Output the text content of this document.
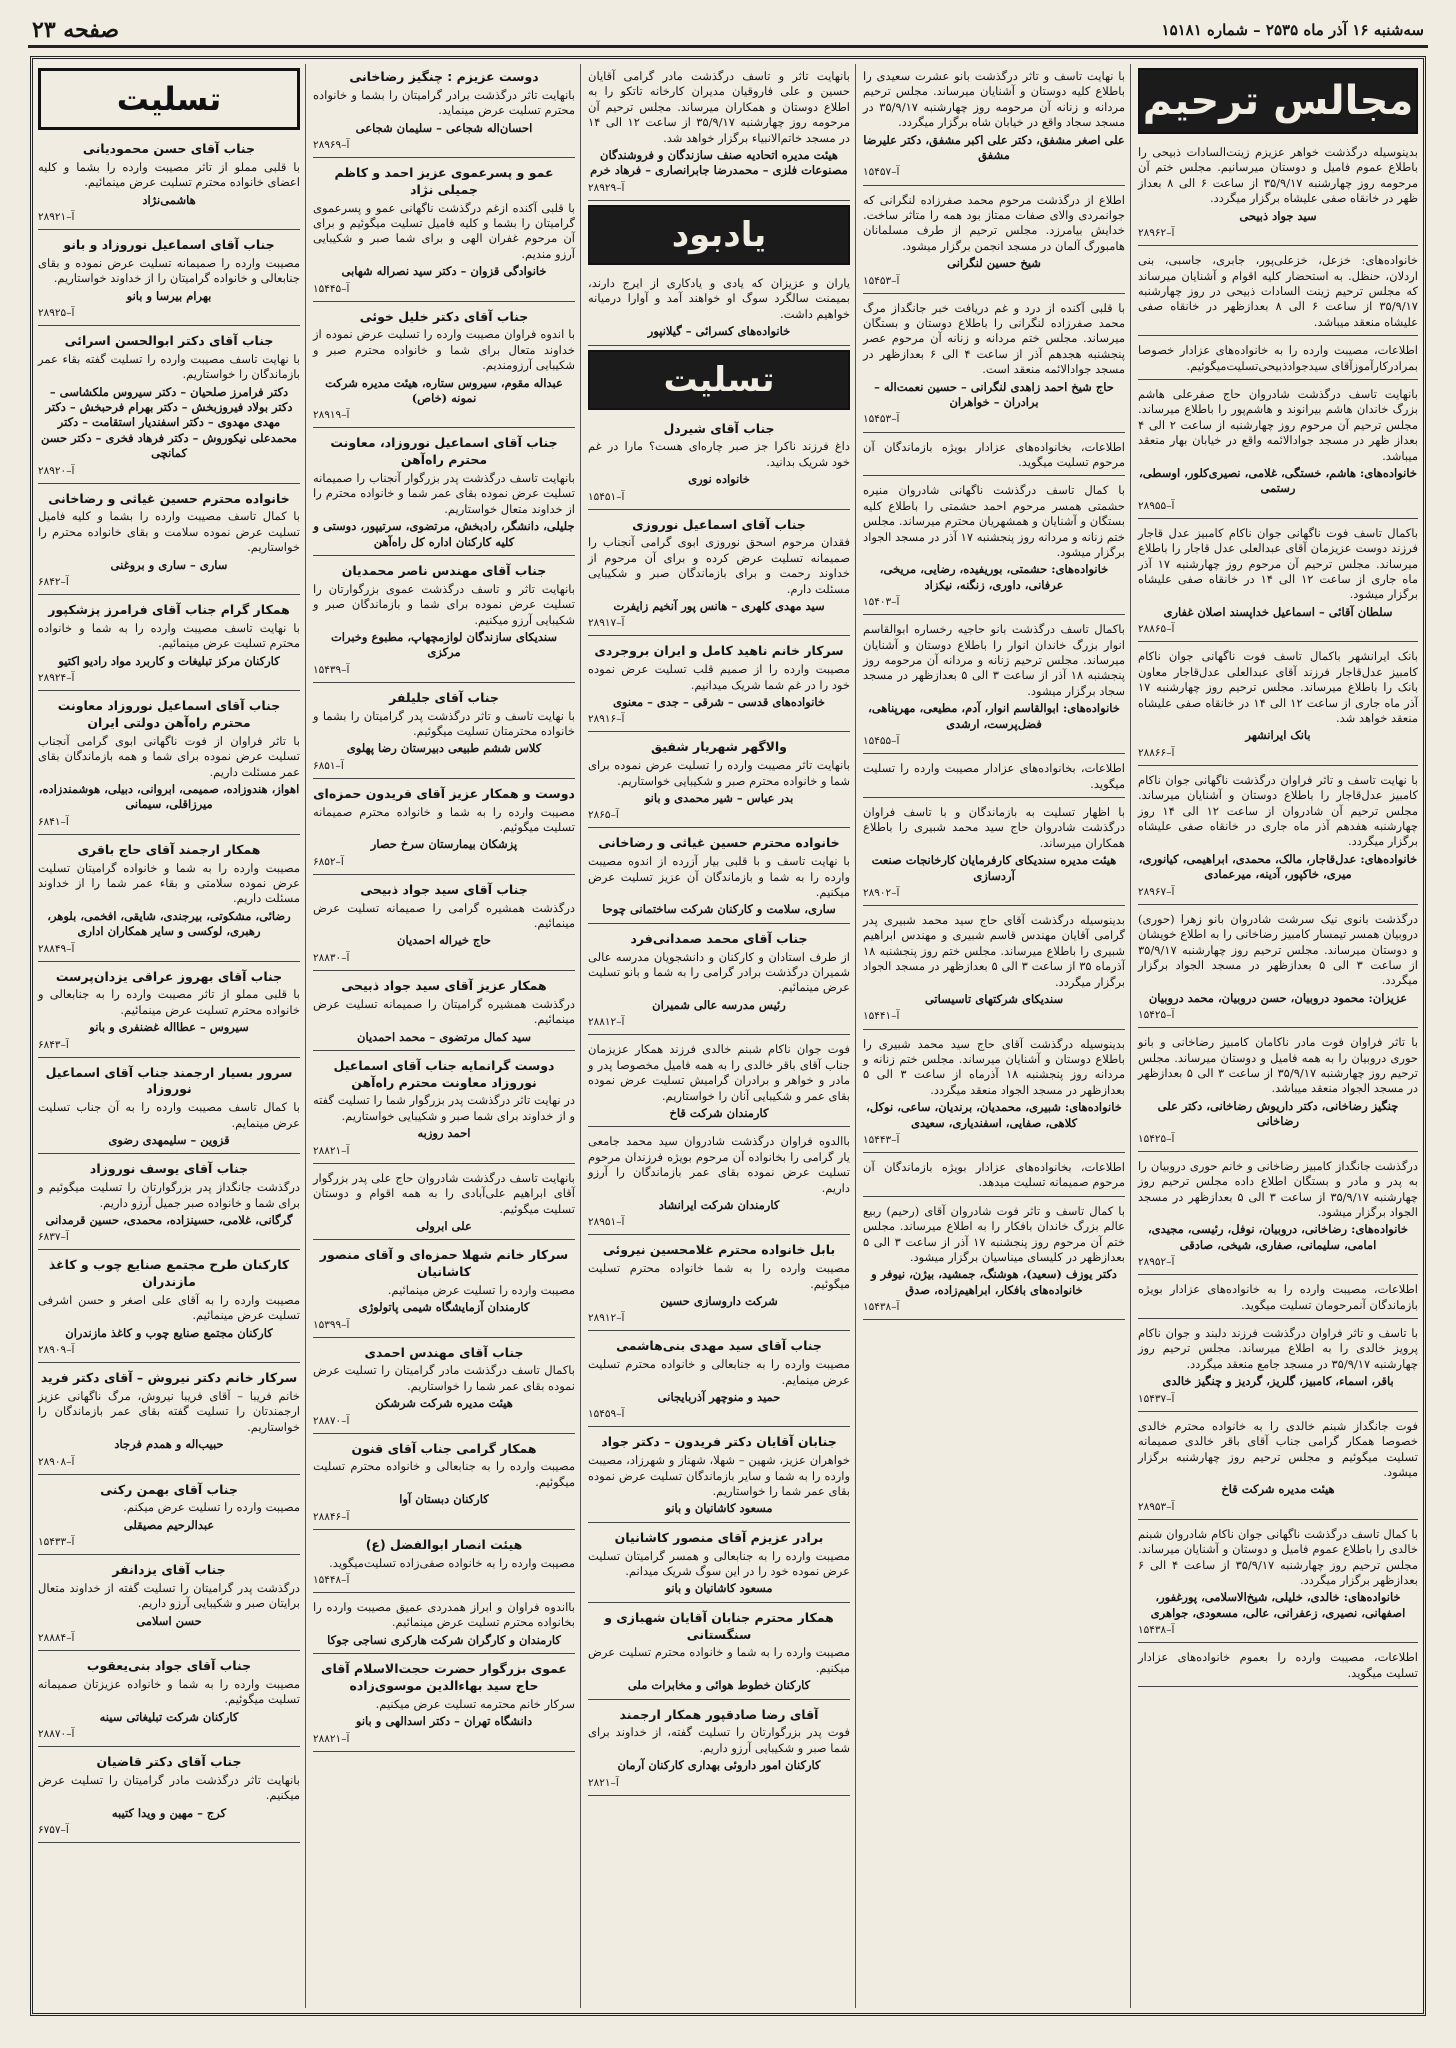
سه‌شنبه ۱۶ آذر ماه ۲۵۳۵ – شماره ۱۵۱۸۱
صفحه ۲۳
مجالس ترحیم
بدینوسیله درگذشت خواهر عزیزم زینت‌السادات ذبیحی را باطلاع عموم فامیل و دوستان میرسانیم. مجلس ختم آن مرحومه روز چهارشنبه ۳۵/۹/۱۷ از ساعت ۶ الی ۸ بعداز ظهر در خانقاه صفی علیشاه برگزار میگردد.
سید جواد ذبیحی
۲۸۹۶۲–آ
خانواده‌های: خزعل، خزعلی‌پور، جابری، جاسبی، بنی اردلان، حنظل. به استحضار کلیه اقوام و آشنایان میرساند که مجلس ترحیم زینت السادات ذبیحی در روز چهارشنبه ۳۵/۹/۱۷ از ساعت ۶ الی ۸ بعدازظهر در خانقاه صفی علیشاه منعقد میباشد.
اطلاعات، مصیبت وارده را به خانواده‌های عزادار خصوصا بمرادرکارآموزآقای سیدجوادذبیحی‌تسلیت‌میگوئیم.
بانهایت تاسف درگذشت شادروان حاج صفرعلی هاشم بزرگ خاندان هاشم بیرانوند و هاشم‌پور را باطلاع میرساند. مجلس ترحیم آن مرحوم روز چهارشنبه از ساعت ۲ الی ۴ بعداز ظهر در مسجد جوادالائمه واقع در خیابان بهار منعقد میباشد.
خانواده‌های: هاشم، خستگی، غلامی، نصیری‌کلور، اوسطی، رستمی
۲۸۹۵۵–آ
باکمال تاسف فوت ناگهانی جوان ناکام کامبیز عدل قاجار فرزند دوست عزیزمان آقای عبدالعلی عدل قاجار را باطلاع میرساند. مجلس ترحیم آن مرحوم روز چهارشنبه ۱۷ آذر ماه جاری از ساعت ۱۲ الی ۱۴ در خانقاه صفی علیشاه برگزار میشود.
سلطان آقائی – اسماعیل خداپسند اصلان غفاری
۲۸۸۶۵–آ
بانک ایرانشهر باکمال تاسف فوت ناگهانی جوان ناکام کامبیز عدل‌قاجار فرزند آقای عبدالعلی عدل‌قاجار معاون بانک را باطلاع میرساند. مجلس ترحیم روز چهارشنبه ۱۷ آذر ماه جاری از ساعت ۱۲ الی ۱۴ در خانقاه صفی علیشاه منعقد خواهد شد.
بانک ایرانشهر
۲۸۸۶۶–آ
با نهایت تاسف و تاثر فراوان درگذشت ناگهانی جوان ناکام کامبیز عدل‌قاجار را باطلاع دوستان و آشنایان میرساند. مجلس ترحیم آن شادروان از ساعت ۱۲ الی ۱۴ روز چهارشنبه هفدهم آذر ماه جاری در خانقاه صفی علیشاه برگزار میگردد.
خانواده‌های: عدل‌قاجار، مالک، محمدی، ابراهیمی، کیانوری، میری، خاکپور، آدینه، میرعمادی
۲۸۹۶۷–آ
درگذشت بانوی نیک سرشت شادروان بانو زهرا (حوری) دروبیان همسر تیمسار کامبیز رضاخانی را به اطلاع خویشان و دوستان میرساند. مجلس ترحیم روز چهارشنبه ۳۵/۹/۱۷ از ساعت ۳ الی ۵ بعدازظهر در مسجد الجواد برگزار میگردد.
عزیزان: محمود دروبیان، حسن دروبیان، محمد دروبیان
۱۵۴۲۵–آ
با تاثر فراوان فوت مادر ناکامان کامبیز رضاخانی و بانو حوری دروبیان را به همه فامیل و دوستان میرساند. مجلس ترحیم روز چهارشنبه ۳۵/۹/۱۷ از ساعت ۳ الی ۵ بعدازظهر در مسجد الجواد منعقد میباشد.
چنگیز رضاخانی، دکتر داریوش رضاخانی، دکتر علی رضاخانی
۱۵۴۲۵–آ
درگذشت جانگداز کامبیز رضاخانی و خانم حوری دروبیان را به پدر و مادر و بستگان اطلاع داده مجلس ترحیم روز چهارشنبه ۳۵/۹/۱۷ از ساعت ۳ الی ۵ بعدازظهر در مسجد الجواد برگزار میشود.
خانواده‌های: رضاخانی، دروبیان، نوفل، رئیسی، مجیدی، امامی، سلیمانی، صفاری، شیخی، صادقی
۲۸۹۵۲–آ
اطلاعات، مصیبت وارده را به خانواده‌های عزادار بویژه بازماندگان آنمرحومان تسلیت میگوید.
با تاسف و تاثر فراوان درگذشت فرزند دلبند و جوان ناکام پرویز خالدی را به اطلاع میرساند. مجلس ترحیم روز چهارشنبه ۳۵/۹/۱۷ در مسجد جامع منعقد میگردد.
باقر، اسماء، کامبیز، گلریز، گردیز و چنگیز خالدی
۱۵۴۳۷–آ
فوت جانگداز شبنم خالدی را به خانواده محترم خالدی خصوصا همکار گرامی جناب آقای باقر خالدی صمیمانه تسلیت میگوئیم و مجلس ترحیم روز چهارشنبه برگزار میشود.
هیئت مدیره شرکت قاخ
۲۸۹۵۳–آ
با کمال تاسف درگذشت ناگهانی جوان ناکام شادروان شبنم خالدی را باطلاع عموم فامیل و دوستان و آشنایان میرساند. مجلس ترحیم روز چهارشنبه ۳۵/۹/۱۷ از ساعت ۴ الی ۶ بعدازظهر برگزار میگردد.
خانواده‌های: خالدی، خلیلی، شیخ‌الاسلامی، پورغفور، اصفهانی، نصیری، زعفرانی، عالی، مسعودی، جواهری
۱۵۴۳۸–آ
اطلاعات، مصیبت وارده را بعموم خانواده‌های عزادار تسلیت میگوید.
با نهایت تاسف و تاثر درگذشت بانو عشرت سعیدی را باطلاع کلیه دوستان و آشنایان میرساند. مجلس ترحیم مردانه و زنانه آن مرحومه روز چهارشنبه ۳۵/۹/۱۷ در مسجد سجاد واقع در خیابان شاه برگزار میگردد.
علی اصغر مشفق، دکتر علی اکبر مشفق، دکتر علیرضا مشفق
۱۵۴۵۷–آ
اطلاع از درگذشت مرحوم محمد صفرزاده لنگرانی که جوانمردی والای صفات ممتاز بود همه را متاثر ساخت. خدایش بیامرزد. مجلس ترحیم از طرف مسلمانان هامبورگ آلمان در مسجد انجمن برگزار میشود.
شیخ حسین لنگرانی
۱۵۴۵۳–آ
با قلبی آکنده از درد و غم دریافت خبر جانگداز مرگ محمد صفرزاده لنگرانی را باطلاع دوستان و بستگان میرساند. مجلس ختم مردانه و زنانه آن مرحوم عصر پنجشنبه هجدهم آذر از ساعت ۴ الی ۶ بعدازظهر در مسجد جوادالائمه منعقد است.
حاج شیخ احمد زاهدی لنگرانی – حسین نعمت‌اله – برادران – خواهران
۱۵۴۵۳–آ
اطلاعات، بخانواده‌های عزادار بویژه بازماندگان آن مرحوم تسلیت میگوید.
با کمال تاسف درگذشت ناگهانی شادروان منیره حشمتی همسر مرحوم احمد حشمتی را باطلاع کلیه بستگان و آشنایان و همشهریان محترم میرساند. مجلس ختم زنانه و مردانه روز پنجشنبه ۱۷ آذر در مسجد الجواد برگزار میشود.
خانواده‌های: حشمتی، بوریفیده، رضایی، مریخی، عرفانی، داوری، زنگنه، نیکزاد
۱۵۴۰۳–آ
باکمال تاسف درگذشت بانو حاجیه رخساره ابوالقاسم انوار بزرگ خاندان انوار را باطلاع دوستان و آشنایان میرساند. مجلس ترحیم زنانه و مردانه آن مرحومه روز پنجشنبه ۱۸ آذر از ساعت ۳ الی ۵ بعدازظهر در مسجد سجاد برگزار میشود.
خانواده‌های: ابوالقاسم انوار، آدم، مطیعی، مهرپناهی، فضل‌پرست، ارشدی
۱۵۴۵۵–آ
اطلاعات، بخانواده‌های عزادار مصیبت وارده را تسلیت میگوید.
با اظهار تسلیت به بازماندگان و با تاسف فراوان درگذشت شادروان حاج سید محمد شبیری را باطلاع همکاران میرساند.
هیئت مدیره سندیکای کارفرمایان کارخانجات صنعت آردسازی
۲۸۹۰۲–آ
بدینوسیله درگذشت آقای حاج سید محمد شبیری پدر گرامی آقایان مهندس قاسم شبیری و مهندس ابراهیم شبیری را باطلاع میرساند. مجلس ختم روز پنجشنبه ۱۸ آذرماه ۳۵ از ساعت ۳ الی ۵ بعدازظهر در مسجد الجواد برگزار میگردد.
سندیکای شرکتهای تاسیساتی
۱۵۴۴۱–آ
بدینوسیله درگذشت آقای حاج سید محمد شبیری را باطلاع دوستان و آشنایان میرساند. مجلس ختم زنانه و مردانه روز پنجشنبه ۱۸ آذرماه از ساعت ۳ الی ۵ بعدازظهر در مسجد الجواد منعقد میگردد.
خانواده‌های: شبیری، محمدیان، برندیان، ساعی، نوکل، کلاهی، صفایی، اسفندیاری، سعیدی
۱۵۴۴۳–آ
اطلاعات، بخانواده‌های عزادار بویژه بازماندگان آن مرحوم صمیمانه تسلیت میدهد.
با کمال تاسف و تاثر فوت شادروان آقای (رحیم) ربیع عالم بزرگ خاندان بافکار را به اطلاع میرساند. مجلس ختم آن مرحوم روز پنجشنبه ۱۷ آذر از ساعت ۳ الی ۵ بعدازظهر در کلیسای میناسیان برگزار میشود.
دکتر یوزف (سعید)، هوشنگ، جمشید، بیژن، نیوفر و خانواده‌های بافکار، ابراهیم‌زاده، صدق
۱۵۴۳۸–آ
بانهایت تاثر و تاسف درگذشت مادر گرامی آقایان حسین و علی فاروقیان مدیران کارخانه تاتکو را به اطلاع دوستان و همکاران میرساند. مجلس ترحیم آن مرحومه روز چهارشنبه ۳۵/۹/۱۷ از ساعت ۱۲ الی ۱۴ در مسجد خاتم‌الانبیاء برگزار خواهد شد.
هیئت مدیره اتحادیه صنف سازندگان و فروشندگان مصنوعات فلزی – محمدرضا جابرانصاری – فرهاد خرم
۲۸۹۲۹–آ
یادبود
یاران و عزیزان که یادی و یادکاری از ایرج دارند، بمیمنت سالگرد سوگ او خواهند آمد و آوارا درمیانه خواهیم داشت.
خانواده‌های کسرائی – گیلانپور
تسلیت
جناب آقای شیردل
داغ فرزند ناکرا جز صبر چاره‌ای هست؟ مارا در غم خود شریک بدانید.
خانواده نوری
۱۵۴۵۱–آ
جناب آقای اسماعیل نوروزی
فقدان مرحوم اسحق نوروزی ابوی گرامی آنجناب را صمیمانه تسلیت عرض کرده و برای آن مرحوم از خداوند رحمت و برای بازماندگان صبر و شکیبایی مسئلت دارم.
سید مهدی کلهری – هانس پور آنخیم زایفرت
۲۸۹۱۷–آ
سرکار خانم ناهید کامل و ایران بروجردی
مصیبت وارده را از صمیم قلب تسلیت عرض نموده خود را در غم شما شریک میدانیم.
خانواده‌های قدسی – شرقی – جدی – معنوی
۲۸۹۱۶–آ
والاگهر شهریار شفیق
بانهایت تاثر مصیبت وارده را تسلیت عرض نموده برای شما و خانواده محترم صبر و شکیبایی خواستاریم.
بدر عباس – شیر محمدی و بانو
۲۸۶۵–آ
خانواده محترم حسین غیاثی و رضاخانی
با نهایت تاسف و با قلبی بیار آزرده از اندوه مصیبت وارده را به شما و بازماندگان آن عزیز تسلیت عرض میکنیم.
ساری، سلامت و کارکنان شرکت ساختمانی چوحا
جناب آقای محمد صمدانی‌فرد
از طرف استادان و کارکنان و دانشجویان مدرسه عالی شمیران درگذشت برادر گرامی را به شما و بانو تسلیت عرض مینمائیم.
رئیس مدرسه عالی شمیران
۲۸۸۱۲–آ
فوت جوان ناکام شبنم خالدی فرزند همکار عزیزمان جناب آقای باقر خالدی را به همه فامیل مخصوصا پدر و مادر و خواهر و برادران گرامیش تسلیت عرض نموده بقای عمر و شکیبایی آنان را خواستاریم.
کارمندان شرکت قاخ
باالدوه فراوان درگذشت شادروان سید محمد جامعی یار گرامی را بخانواده آن مرحوم بویژه فرزندان مرحوم تسلیت عرض نموده بقای عمر بازماندگان را آرزو داریم.
کارمندان شرکت ایرانشاد
۲۸۹۵۱–آ
بابل خانواده محترم غلامحسین نیروئی
مصیبت وارده را به شما خانواده محترم تسلیت میگوئیم.
شرکت داروسازی حسین
۲۸۹۱۲–آ
جناب آقای سید مهدی بنی‌هاشمی
مصیبت وارده را به جنابعالی و خانواده محترم تسلیت عرض مینمایم.
حمید و منوچهر آذربایجانی
۱۵۴۵۹–آ
جنابان آقایان دکتر فریدون – دکتر جواد
خواهران عزیز، شهین – شهلا، شهناز و شهرزاد، مصیبت وارده را به شما و سایر بازماندگان تسلیت عرض نموده بقای عمر شما را خواستاریم.
مسعود کاشانیان و بانو
برادر عزیزم آقای منصور کاشانیان
مصیبت وارده را به جنابعالی و همسر گرامیتان تسلیت عرض نموده خود را در این سوگ شریک میدانم.
مسعود کاشانیان و بانو
همکار محترم جنابان آقایان شهبازی و سنگستانی
مصیبت وارده را به شما و خانواده محترم تسلیت عرض میکنیم.
کارکنان خطوط هوائی و مخابرات ملی
آقای رضا صادقپور همکار ارجمند
فوت پدر بزرگوارتان را تسلیت گفته، از خداوند برای شما صبر و شکیبایی آرزو داریم.
کارکنان امور داروئی بهداری کارکنان آرمان
۲۸۲۱–آ
دوست عزیزم : چنگیز رضاخانی
بانهایت تاثر درگذشت برادر گرامیتان را بشما و خانواده محترم تسلیت عرض مینماید.
احسان‌اله شجاعی – سلیمان شجاعی
۲۸۹۶۹–آ
عمو و پسرعموی عزیز احمد و کاظم جمیلی نژاد
با قلبی آکنده ازغم درگذشت ناگهانی عمو و پسرعموی گرامیتان را بشما و کلیه فامیل تسلیت میگوئیم و برای آن مرحوم غفران الهی و برای شما صبر و شکیبایی آرزو مندیم.
خانوادگی قزوان – دکتر سید نصراله شهابی
۱۵۴۴۵–آ
جناب آقای دکتر خلیل خوئی
با اندوه فراوان مصیبت وارده را تسلیت عرض نموده از خداوند متعال برای شما و خانواده محترم صبر و شکیبایی آرزومندیم.
عبداله مقوم، سیروس ستاره، هیئت مدیره شرکت نمونه (خاص)
۲۸۹۱۹–آ
جناب آقای اسماعیل نوروزاد، معاونت محترم راه‌آهن
بانهایت تاسف درگذشت پدر بزرگوار آنجناب را صمیمانه تسلیت عرض نموده بقای عمر شما و خانواده محترم را از خداوند متعال خواستاریم.
جلیلی، دانشگر، رادبخش، مرتضوی، سرتیپور، دوستی و کلیه کارکنان اداره کل راه‌آهن
جناب آقای مهندس ناصر محمدیان
بانهایت تاثر و تاسف درگذشت عموی بزرگوارتان را تسلیت عرض نموده برای شما و بازماندگان صبر و شکیبایی آرزو میکنیم.
سندیکای سازندگان لوازمچهاپ، مطبوع وخبرات مرکزی
۱۵۴۳۹–آ
جناب آقای جلیلفر
با نهایت تاسف و تاثر درگذشت پدر گرامیتان را بشما و خانواده محترمتان تسلیت میگوئیم.
کلاس ششم طبیعی دبیرستان رضا پهلوی
۶۸۵۱–آ
دوست و همکار عزیز آقای فریدون حمزه‌ای
مصیبت وارده را به شما و خانواده محترم صمیمانه تسلیت میگوئیم.
پزشکان بیمارستان سرخ حصار
۶۸۵۲–آ
جناب آقای سید جواد ذبیحی
درگذشت همشیره گرامی را صمیمانه تسلیت عرض مینمائیم.
حاج خیراله احمدیان
۲۸۸۳۰–آ
همکار عزیز آقای سید جواد ذبیحی
درگذشت همشیره گرامیتان را صمیمانه تسلیت عرض مینمائیم.
سید کمال مرتضوی – محمد احمدیان
دوست گرانمایه جناب آقای اسماعیل نوروزاد معاونت محترم راه‌آهن
در نهایت تاثر درگذشت پدر بزرگوار شما را تسلیت گفته و از خداوند برای شما صبر و شکیبایی خواستاریم.
احمد روزبه
۲۸۸۲۱–آ
بانهایت تاسف درگذشت شادروان حاج علی پدر بزرگوار آقای ابراهیم علی‌آبادی را به همه اقوام و دوستان تسلیت میگوئیم.
علی ابرولی
سرکار خانم شهلا حمزه‌ای و آقای منصور کاشانیان
مصیبت وارده را تسلیت عرض مینمائیم.
کارمندان آزمایشگاه شیمی پاتولوژی
۱۵۳۹۹–آ
جناب آقای مهندس احمدی
باکمال تاسف درگذشت مادر گرامیتان را تسلیت عرض نموده بقای عمر شما را خواستاریم.
هیئت مدیره شرکت شرشکن
۲۸۸۷۰–آ
همکار گرامی جناب آقای قنون
مصیبت وارده را به جنابعالی و خانواده محترم تسلیت میگوئیم.
کارکنان دبستان آوا
۲۸۸۴۶–آ
هیئت انصار ابوالفضل (ع)
مصیبت وارده را به خانواده صفی‌زاده تسلیت‌میگوید.
۱۵۴۴۸–آ
بااندوه فراوان و ابراز همدردی عمیق مصیبت وارده را بخانواده محترم تسلیت عرض مینمائیم.
کارمندان و کارگران شرکت هارکری نساجی جوکا
عموی بزرگوار حضرت حجت‌الاسلام آقای حاج سید بهاءالدین موسوی‌زاده
سرکار خانم محترمه تسلیت عرض میکنیم.
دانشگاه تهران – دکتر اسدالهی و بانو
۲۸۸۲۱–آ
تسلیت
جناب آقای حسن محمودیانی
با قلبی مملو از تاثر مصیبت وارده را بشما و کلیه اعضای خانواده محترم تسلیت عرض مینمائیم.
هاشمی‌نژاد
۲۸۹۲۱–آ
جناب آقای اسماعیل نوروزاد و بانو
مصیبت وارده را صمیمانه تسلیت عرض نموده و بقای جنابعالی و خانواده گرامیتان را از خداوند خواستاریم.
بهرام بیرسا و بانو
۲۸۹۲۵–آ
جناب آقای دکتر ابوالحسن اسرائی
با نهایت تاسف مصیبت وارده را تسلیت گفته بقاء عمر بازماندگان را خواستاریم.
دکتر فرامرز صلحیان – دکتر سیروس ملکشاسی – دکتر بولاد فیروزبخش – دکتر بهرام فرحبخش – دکتر مهدی مهدوی – دکتر اسفندیار استقامت – دکتر محمدعلی نیکوروش – دکتر فرهاد فخری – دکتر حسن کمانچی
۲۸۹۲۰–آ
خانواده محترم حسین غیاثی و رضاخانی
با کمال تاسف مصیبت وارده را بشما و کلیه فامیل تسلیت عرض نموده سلامت و بقای خانواده محترم را خواستاریم.
ساری – ساری و بروغنی
۶۸۴۲–آ
همکار گرام جناب آقای فرامرز پزشکپور
با نهایت تاسف مصیبت وارده را به شما و خانواده محترم تسلیت عرض مینمائیم.
کارکنان مرکز تبلیغات و کاربرد مواد رادیو اکتیو
۲۸۹۲۴–آ
جناب آقای اسماعیل نوروزاد معاونت محترم راه‌آهن دولتی ایران
با تاثر فراوان از فوت ناگهانی ابوی گرامی آنجناب تسلیت عرض نموده برای شما و همه بازماندگان بقای عمر مسئلت داریم.
اهواز، هندوزاده، صمیمی، ابروانی، دبیلی، هوشمندزاده، میرزاقلی، سیمانی
۶۸۴۱–آ
همکار ارجمند آقای حاج باقری
مصیبت وارده را به شما و خانواده گرامیتان تسلیت عرض نموده سلامتی و بقاء عمر شما را از خداوند مسئلت داریم.
رضائی، مشکوتی، بیرجندی، شایقی، افخمی، بلوهر، رهبری، لوکسی و سایر همکاران اداری
۲۸۸۴۹–آ
جناب آقای بهروز عراقی یزدان‌پرست
با قلبی مملو از تاثر مصیبت وارده را به جنابعالی و خانواده محترم تسلیت عرض مینمائیم.
سیروس – عطااله غضنفری و بانو
۶۸۴۳–آ
سرور بسیار ارجمند جناب آقای اسماعیل نوروزاد
با کمال تاسف مصیبت وارده را به آن جناب تسلیت عرض مینمایم.
قزوین – سلیمهدی رضوی
جناب آقای یوسف نوروزاد
درگذشت جانگداز پدر بزرگوارتان را تسلیت میگوئیم و برای شما و خانواده صبر جمیل آرزو داریم.
گرگانی، غلامی، حسینزاده، محمدی، حسین قرمدانی
۶۸۳۷–آ
کارکنان طرح مجتمع صنایع چوب و کاغذ مازندران
مصیبت وارده را به آقای علی اصغر و حسن اشرفی تسلیت عرض مینمائیم.
کارکنان مجتمع صنایع چوب و کاغذ مازندران
۲۸۹۰۹–آ
سرکار خانم دکتر نیروش – آقای دکتر فرید
خانم فریبا – آقای فریبا نیروش، مرگ ناگهانی عزیز ارجمندتان را تسلیت گفته بقای عمر بازماندگان را خواستاریم.
حبیب‌اله و همدم فرجاد
۲۸۹۰۸–آ
جناب آقای بهمن رکنی
مصیبت وارده را تسلیت عرض میکنم.
عبدالرحیم مصیقلی
۱۵۴۳۳–آ
جناب آقای یزدانفر
درگذشت پدر گرامیتان را تسلیت گفته از خداوند متعال برایتان صبر و شکیبایی آرزو داریم.
حسن اسلامی
۲۸۸۸۴–آ
جناب آقای جواد بنی‌یعقوب
مصیبت وارده را به شما و خانواده عزیزتان صمیمانه تسلیت میگوئیم.
کارکنان شرکت تبلیغاتی سینه
۲۸۸۷۰–آ
جناب آقای دکتر قاضیان
بانهایت تاثر درگذشت مادر گرامیتان را تسلیت عرض میکنیم.
کرج – مهین و ویدا کتیبه
۶۷۵۷–آ
